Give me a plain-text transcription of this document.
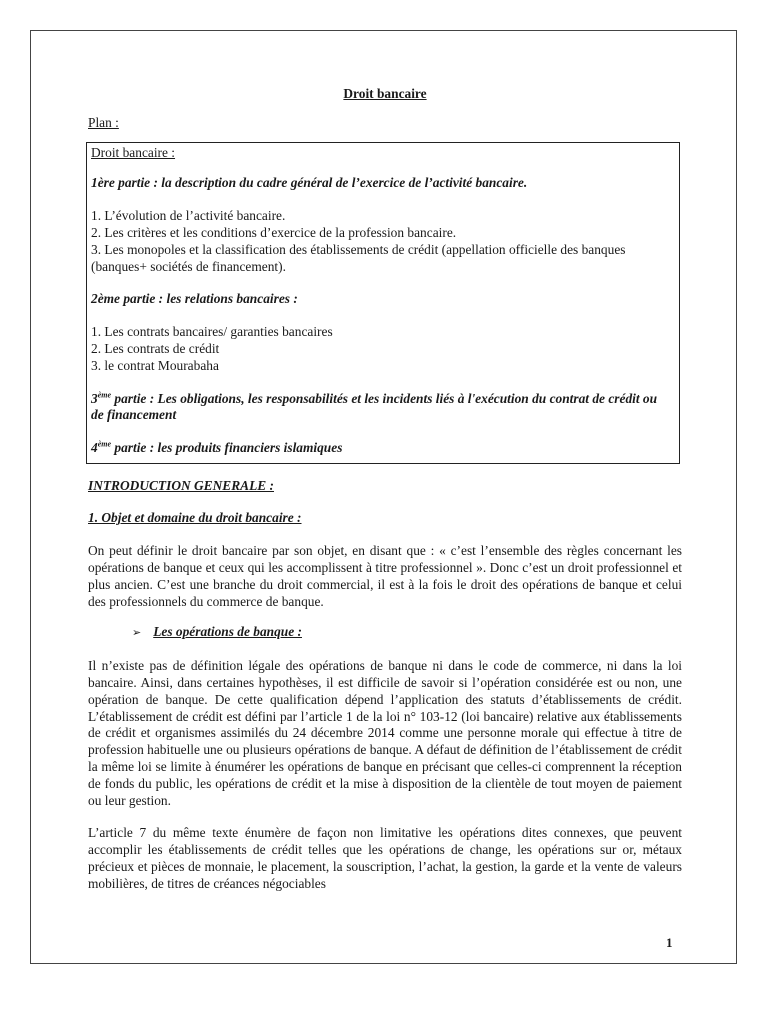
Droit bancaire

Plan :

Droit bancaire :

1ère partie : la description du cadre général de l’exercice de l’activité bancaire.

1. L’évolution de l’activité bancaire.

2. Les critères et les conditions d’exercice de la profession bancaire.

3. Les monopoles et la classification des établissements de crédit (appellation officielle des banques (banques+ sociétés de financement).

2ème partie : les relations bancaires :

1. Les contrats bancaires/ garanties bancaires

2. Les contrats de crédit

3. le contrat Mourabaha

3ème partie : Les obligations, les responsabilités et les incidents liés à l'exécution du contrat de crédit ou de financement

4ème partie : les produits financiers islamiques

INTRODUCTION GENERALE :

1. Objet et domaine du droit bancaire :

On peut définir le droit bancaire par son objet, en disant que : « c’est l’ensemble des règles concernant les opérations de banque et ceux qui les accomplissent à titre professionnel ». Donc c’est un droit professionnel et plus ancien. C’est une branche du droit commercial, il est à la fois le droit des opérations de banque et celui des professionnels du commerce de banque.

➢ Les opérations de banque :

Il n’existe pas de définition légale des opérations de banque ni dans le code de commerce, ni dans la loi bancaire. Ainsi, dans certaines hypothèses, il est difficile de savoir si l’opération considérée est ou non, une opération de banque. De cette qualification dépend l’application des statuts d’établissements de crédit. L’établissement de crédit est défini par l’article 1 de la loi n° 103-12 (loi bancaire) relative aux établissements de crédit et organismes assimilés du 24 décembre 2014 comme une personne morale qui effectue à titre de profession habituelle une ou plusieurs opérations de banque. A défaut de définition de l’établissement de crédit la même loi se limite à énumérer les opérations de banque en précisant que celles-ci comprennent la réception de fonds du public, les opérations de crédit et la mise à disposition de la clientèle de tout moyen de paiement ou leur gestion.

L’article 7 du même texte énumère de façon non limitative les opérations dites connexes, que peuvent accomplir les établissements de crédit telles que les opérations de change, les opérations sur or, métaux précieux et pièces de monnaie, le placement, la souscription, l’achat, la gestion, la garde et la vente de valeurs mobilières, de titres de créances négociables

1
